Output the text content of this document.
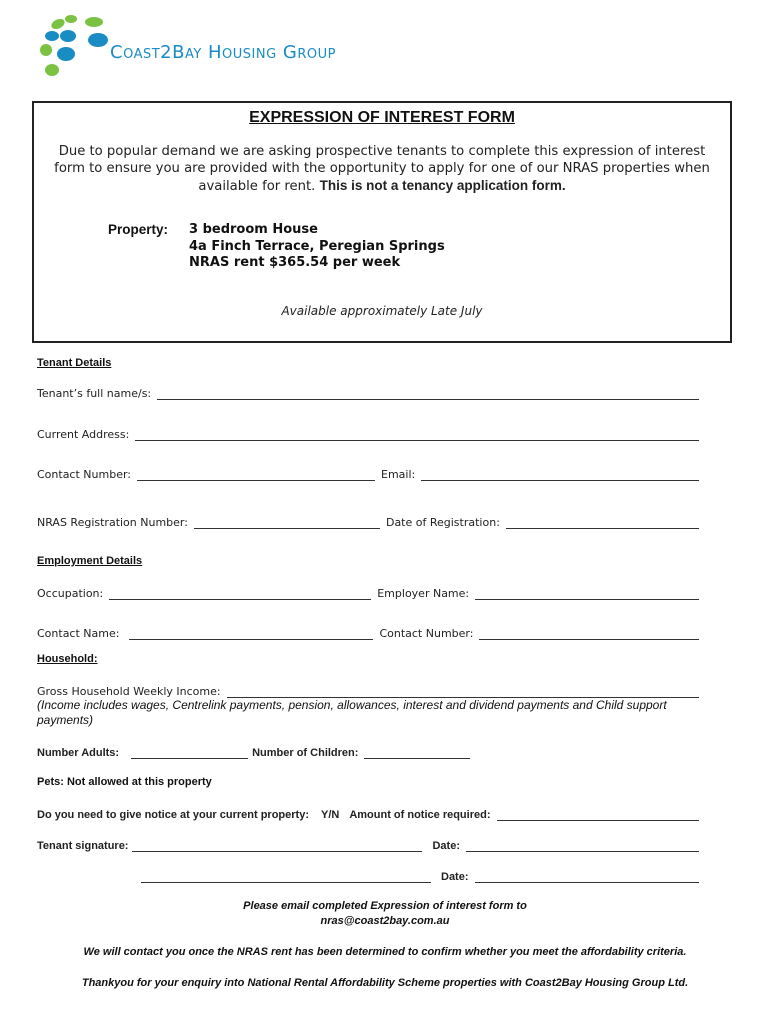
Coast2Bay Housing Group
EXPRESSION OF INTEREST FORM
Due to popular demand we are asking prospective tenants to complete this expression of interest form to ensure you are provided with the opportunity to apply for one of our NRAS properties when available for rent. This is not a tenancy application form.
Property: 3 bedroom House
4a Finch Terrace, Peregian Springs
NRAS rent $365.54 per week
Available approximately Late July
Tenant Details
Tenant’s full name/s:
Current Address:
Contact Number:	Email:
NRAS Registration Number:	Date of Registration:
Employment Details
Occupation:	Employer Name:
Contact Name:	Contact Number:
Household:
Gross Household Weekly Income:
(Income includes wages, Centrelink payments, pension, allowances, interest and dividend payments and Child support payments)
Number Adults:	Number of Children:
Pets: Not allowed at this property
Do you need to give notice at your current property: Y/N Amount of notice required:
Tenant signature:	Date:
Date:
Please email completed Expression of interest form to
nras@coast2bay.com.au
We will contact you once the NRAS rent has been determined to confirm whether you meet the affordability criteria.
Thankyou for your enquiry into National Rental Affordability Scheme properties with Coast2Bay Housing Group Ltd.
